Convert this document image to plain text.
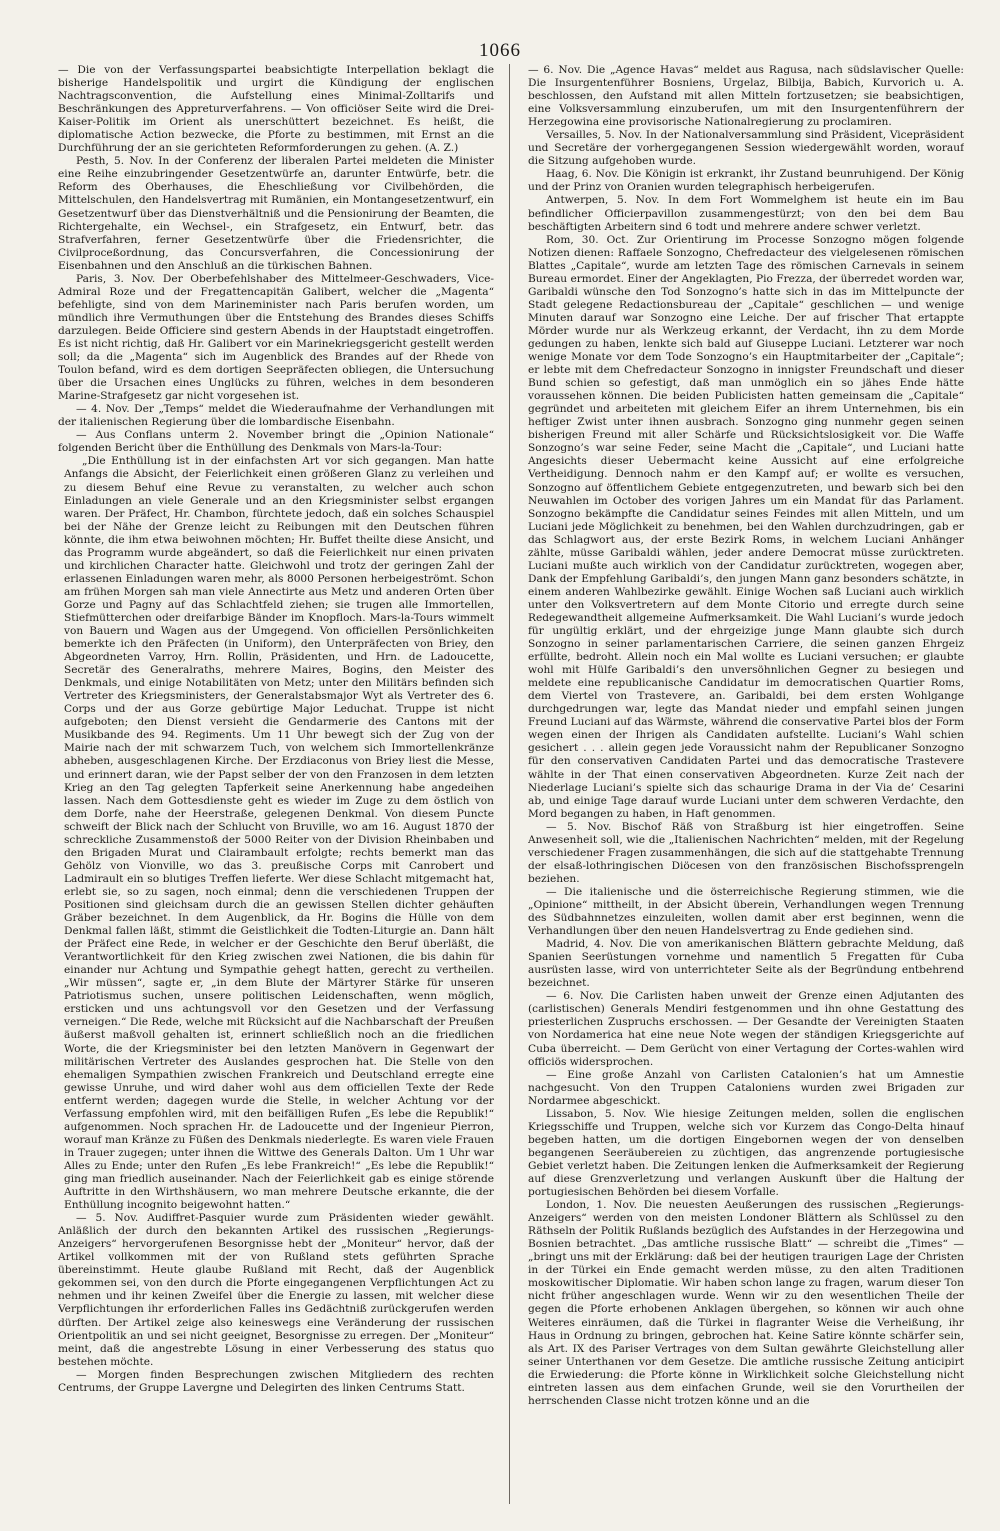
1066

— Die von der Verfassungspartei beabsichtigte Interpellation beklagt die bisherige Handelspolitik und urgirt die Kündigung der englischen Nachtragsconvention, die Aufstellung eines Minimal-Zolltarifs und Beschränkungen des Appreturverfahrens. — Von officiöser Seite wird die Drei-Kaiser-Politik im Orient als unerschüttert bezeichnet. Es heißt, die diplomatische Action bezwecke, die Pforte zu bestimmen, mit Ernst an die Durchführung der an sie gerichteten Reformforderungen zu gehen. (A. Z.)

Pesth, 5. Nov. In der Conferenz der liberalen Partei meldeten die Minister eine Reihe einzubringender Gesetzentwürfe an, darunter Entwürfe, betr. die Reform des Oberhauses, die Eheschließung vor Civilbehörden, die Mittelschulen, den Handelsvertrag mit Rumänien, ein Montangesetzentwurf, ein Gesetzentwurf über das Dienstverhältniß und die Pensionirung der Beamten, die Richtergehalte, ein Wechsel-, ein Strafgesetz, ein Entwurf, betr. das Strafverfahren, ferner Gesetzentwürfe über die Friedensrichter, die Civilproceßordnung, das Concursverfahren, die Concessionirung der Eisenbahnen und den Anschluß an die türkischen Bahnen.

Paris, 3. Nov. Der Oberbefehlshaber des Mittelmeer-Geschwaders, Vice-Admiral Roze und der Fregattencapitän Galibert, welcher die „Magenta“ befehligte, sind von dem Marineminister nach Paris berufen worden, um mündlich ihre Vermuthungen über die Entstehung des Brandes dieses Schiffs darzulegen. Beide Officiere sind gestern Abends in der Hauptstadt eingetroffen. Es ist nicht richtig, daß Hr. Galibert vor ein Marinekriegsgericht gestellt werden soll; da die „Magenta“ sich im Augenblick des Brandes auf der Rhede von Toulon befand, wird es dem dortigen Seepräfecten obliegen, die Untersuchung über die Ursachen eines Unglücks zu führen, welches in dem besonderen Marine-Strafgesetz gar nicht vorgesehen ist.

— 4. Nov. Der „Temps“ meldet die Wiederaufnahme der Verhandlungen mit der italienischen Regierung über die lombardische Eisenbahn.

— Aus Conflans unterm 2. November bringt die „Opinion Nationale“ folgenden Bericht über die Enthüllung des Denkmals von Mars-la-Tour:

„Die Enthüllung ist in der einfachsten Art vor sich gegangen. Man hatte Anfangs die Absicht, der Feierlichkeit einen größeren Glanz zu verleihen und zu diesem Behuf eine Revue zu veranstalten, zu welcher auch schon Einladungen an viele Generale und an den Kriegsminister selbst ergangen waren. Der Präfect, Hr. Chambon, fürchtete jedoch, daß ein solches Schauspiel bei der Nähe der Grenze leicht zu Reibungen mit den Deutschen führen könnte, die ihm etwa beiwohnen möchten; Hr. Buffet theilte diese Ansicht, und das Programm wurde abgeändert, so daß die Feierlichkeit nur einen privaten und kirchlichen Character hatte. Gleichwohl und trotz der geringen Zahl der erlassenen Einladungen waren mehr, als 8000 Personen herbeigeströmt. Schon am frühen Morgen sah man viele Annectirte aus Metz und anderen Orten über Gorze und Pagny auf das Schlachtfeld ziehen; sie trugen alle Immortellen, Stiefmütterchen oder dreifarbige Bänder im Knopfloch. Mars-la-Tours wimmelt von Bauern und Wagen aus der Umgegend. Von officiellen Persönlichkeiten bemerkte ich den Präfecten (in Uniform), den Unterpräfecten von Briey, den Abgeordneten Varroy, Hrn. Rollin, Präsidenten, und Hrn. de Ladoucette, Secretär des Generalraths, mehrere Maires, Bogins, den Meister des Denkmals, und einige Notabilitäten von Metz; unter den Militärs befinden sich Vertreter des Kriegsministers, der Generalstabsmajor Wyt als Vertreter des 6. Corps und der aus Gorze gebürtige Major Leduchat. Truppe ist nicht aufgeboten; den Dienst versieht die Gendarmerie des Cantons mit der Musikbande des 94. Regiments. Um 11 Uhr bewegt sich der Zug von der Mairie nach der mit schwarzem Tuch, von welchem sich Immortellenkränze abheben, ausgeschlagenen Kirche. Der Erzdiaconus von Briey liest die Messe, und erinnert daran, wie der Papst selber der von den Franzosen in dem letzten Krieg an den Tag gelegten Tapferkeit seine Anerkennung habe angedeihen lassen. Nach dem Gottesdienste geht es wieder im Zuge zu dem östlich von dem Dorfe, nahe der Heerstraße, gelegenen Denkmal. Von diesem Puncte schweift der Blick nach der Schlucht von Bruville, wo am 16. August 1870 der schreckliche Zusammenstoß der 5000 Reiter von der Division Rheinbaben und den Brigaden Murat und Clairambault erfolgte; rechts bemerkt man das Gehölz von Vionville, wo das 3. preußische Corps mit Canrobert und Ladmirault ein so blutiges Treffen lieferte. Wer diese Schlacht mitgemacht hat, erlebt sie, so zu sagen, noch einmal; denn die verschiedenen Truppen der Positionen sind gleichsam durch die an gewissen Stellen dichter gehäuften Gräber bezeichnet. In dem Augenblick, da Hr. Bogins die Hülle von dem Denkmal fallen läßt, stimmt die Geistlichkeit die Todten-Liturgie an. Dann hält der Präfect eine Rede, in welcher er der Geschichte den Beruf überläßt, die Verantwortlichkeit für den Krieg zwischen zwei Nationen, die bis dahin für einander nur Achtung und Sympathie gehegt hatten, gerecht zu vertheilen. „Wir müssen“, sagte er, „in dem Blute der Märtyrer Stärke für unseren Patriotismus suchen, unsere politischen Leidenschaften, wenn möglich, ersticken und uns achtungsvoll vor den Gesetzen und der Verfassung verneigen.“ Die Rede, welche mit Rücksicht auf die Nachbarschaft der Preußen äußerst maßvoll gehalten ist, erinnert schließlich noch an die friedlichen Worte, die der Kriegsminister bei den letzten Manövern in Gegenwart der militärischen Vertreter des Auslandes gesprochen hat. Die Stelle von den ehemaligen Sympathien zwischen Frankreich und Deutschland erregte eine gewisse Unruhe, und wird daher wohl aus dem officiellen Texte der Rede entfernt werden; dagegen wurde die Stelle, in welcher Achtung vor der Verfassung empfohlen wird, mit den beifälligen Rufen „Es lebe die Republik!“ aufgenommen. Noch sprachen Hr. de Ladoucette und der Ingenieur Pierron, worauf man Kränze zu Füßen des Denkmals niederlegte. Es waren viele Frauen in Trauer zugegen; unter ihnen die Wittwe des Generals Dalton. Um 1 Uhr war Alles zu Ende; unter den Rufen „Es lebe Frankreich!“ „Es lebe die Republik!“ ging man friedlich auseinander. Nach der Feierlichkeit gab es einige störende Auftritte in den Wirthshäusern, wo man mehrere Deutsche erkannte, die der Enthüllung incognito beigewohnt hatten.“

— 5. Nov. Audiffret-Pasquier wurde zum Präsidenten wieder gewählt. Anläßlich der durch den bekannten Artikel des russischen „Regierungs-Anzeigers“ hervorgerufenen Besorgnisse hebt der „Moniteur“ hervor, daß der Artikel vollkommen mit der von Rußland stets geführten Sprache übereinstimmt. Heute glaube Rußland mit Recht, daß der Augenblick gekommen sei, von den durch die Pforte eingegangenen Verpflichtungen Act zu nehmen und ihr keinen Zweifel über die Energie zu lassen, mit welcher diese Verpflichtungen ihr erforderlichen Falles ins Gedächtniß zurückgerufen werden dürften. Der Artikel zeige also keineswegs eine Veränderung der russischen Orientpolitik an und sei nicht geeignet, Besorgnisse zu erregen. Der „Moniteur“ meint, daß die angestrebte Lösung in einer Verbesserung des status quo bestehen möchte.

— Morgen finden Besprechungen zwischen Mitgliedern des rechten Centrums, der Gruppe Lavergne und Delegirten des linken Centrums Statt.

— 6. Nov. Die „Agence Havas“ meldet aus Ragusa, nach südslavischer Quelle: Die Insurgentenführer Bosniens, Urgelaz, Bilbija, Babich, Kurvorich u. A. beschlossen, den Aufstand mit allen Mitteln fortzusetzen; sie beabsichtigen, eine Volksversammlung einzuberufen, um mit den Insurgentenführern der Herzegowina eine provisorische Nationalregierung zu proclamiren.

Versailles, 5. Nov. In der Nationalversammlung sind Präsident, Vicepräsident und Secretäre der vorhergegangenen Session wiedergewählt worden, worauf die Sitzung aufgehoben wurde.

Haag, 6. Nov. Die Königin ist erkrankt, ihr Zustand beunruhigend. Der König und der Prinz von Oranien wurden telegraphisch herbeigerufen.

Antwerpen, 5. Nov. In dem Fort Wommelghem ist heute ein im Bau befindlicher Officierpavillon zusammengestürzt; von den bei dem Bau beschäftigten Arbeitern sind 6 todt und mehrere andere schwer verletzt.

Rom, 30. Oct. Zur Orientirung im Processe Sonzogno mögen folgende Notizen dienen: Raffaele Sonzogno, Chefredacteur des vielgelesenen römischen Blattes „Capitale“, wurde am letzten Tage des römischen Carnevals in seinem Bureau ermordet. Einer der Angeklagten, Pio Frezza, der überredet worden war, Garibaldi wünsche den Tod Sonzogno’s hatte sich in das im Mittelpuncte der Stadt gelegene Redactionsbureau der „Capitale“ geschlichen — und wenige Minuten darauf war Sonzogno eine Leiche. Der auf frischer That ertappte Mörder wurde nur als Werkzeug erkannt, der Verdacht, ihn zu dem Morde gedungen zu haben, lenkte sich bald auf Giuseppe Luciani. Letzterer war noch wenige Monate vor dem Tode Sonzogno’s ein Hauptmitarbeiter der „Capitale“; er lebte mit dem Chefredacteur Sonzogno in innigster Freundschaft und dieser Bund schien so gefestigt, daß man unmöglich ein so jähes Ende hätte voraussehen können. Die beiden Publicisten hatten gemeinsam die „Capitale“ gegründet und arbeiteten mit gleichem Eifer an ihrem Unternehmen, bis ein heftiger Zwist unter ihnen ausbrach. Sonzogno ging nunmehr gegen seinen bisherigen Freund mit aller Schärfe und Rücksichtslosigkeit vor. Die Waffe Sonzogno’s war seine Feder, seine Macht die „Capitale“, und Luciani hatte Angesichts dieser Uebermacht keine Aussicht auf eine erfolgreiche Vertheidigung. Dennoch nahm er den Kampf auf; er wollte es versuchen, Sonzogno auf öffentlichem Gebiete entgegenzutreten, und bewarb sich bei den Neuwahlen im October des vorigen Jahres um ein Mandat für das Parlament. Sonzogno bekämpfte die Candidatur seines Feindes mit allen Mitteln, und um Luciani jede Möglichkeit zu benehmen, bei den Wahlen durchzudringen, gab er das Schlagwort aus, der erste Bezirk Roms, in welchem Luciani Anhänger zählte, müsse Garibaldi wählen, jeder andere Democrat müsse zurücktreten. Luciani mußte auch wirklich von der Candidatur zurücktreten, wogegen aber, Dank der Empfehlung Garibaldi’s, den jungen Mann ganz besonders schätzte, in einem anderen Wahlbezirke gewählt. Einige Wochen saß Luciani auch wirklich unter den Volksvertretern auf dem Monte Citorio und erregte durch seine Redegewandtheit allgemeine Aufmerksamkeit. Die Wahl Luciani’s wurde jedoch für ungültig erklärt, und der ehrgeizige junge Mann glaubte sich durch Sonzogno in seiner parlamentarischen Carriere, die seinen ganzen Ehrgeiz erfüllte, bedroht. Allein noch ein Mal wollte es Luciani versuchen; er glaubte wohl mit Hülfe Garibaldi’s den unversöhnlichen Gegner zu besiegen und meldete eine republicanische Candidatur im democratischen Quartier Roms, dem Viertel von Trastevere, an. Garibaldi, bei dem ersten Wohlgange durchgedrungen war, legte das Mandat nieder und empfahl seinen jungen Freund Luciani auf das Wärmste, während die conservative Partei blos der Form wegen einen der Ihrigen als Candidaten aufstellte. Luciani’s Wahl schien gesichert . . . allein gegen jede Voraussicht nahm der Republicaner Sonzogno für den conservativen Candidaten Partei und das democratische Trastevere wählte in der That einen conservativen Abgeordneten. Kurze Zeit nach der Niederlage Luciani’s spielte sich das schaurige Drama in der Via de’ Cesarini ab, und einige Tage darauf wurde Luciani unter dem schweren Verdachte, den Mord begangen zu haben, in Haft genommen.

— 5. Nov. Bischof Räß von Straßburg ist hier eingetroffen. Seine Anwesenheit soll, wie die „Italienischen Nachrichten“ melden, mit der Regelung verschiedener Fragen zusammenhängen, die sich auf die stattgehabte Trennung der elsaß-lothringischen Diöcesen von den französischen Bischofssprengeln beziehen.

— Die italienische und die österreichische Regierung stimmen, wie die „Opinione“ mittheilt, in der Absicht überein, Verhandlungen wegen Trennung des Südbahnnetzes einzuleiten, wollen damit aber erst beginnen, wenn die Verhandlungen über den neuen Handelsvertrag zu Ende gediehen sind.

Madrid, 4. Nov. Die von amerikanischen Blättern gebrachte Meldung, daß Spanien Seerüstungen vornehme und namentlich 5 Fregatten für Cuba ausrüsten lasse, wird von unterrichteter Seite als der Begründung entbehrend bezeichnet.

— 6. Nov. Die Carlisten haben unweit der Grenze einen Adjutanten des (carlistischen) Generals Mendiri festgenommen und ihn ohne Gestattung des priesterlichen Zuspruchs erschossen. — Der Gesandte der Vereinigten Staaten von Nordamerica hat eine neue Note wegen der ständigen Kriegsgerichte auf Cuba überreicht. — Dem Gerücht von einer Vertagung der Cortes-wahlen wird officiös widersprochen.

— Eine große Anzahl von Carlisten Catalonien’s hat um Amnestie nachgesucht. Von den Truppen Cataloniens wurden zwei Brigaden zur Nordarmee abgeschickt.

Lissabon, 5. Nov. Wie hiesige Zeitungen melden, sollen die englischen Kriegsschiffe und Truppen, welche sich vor Kurzem das Congo-Delta hinauf begeben hatten, um die dortigen Eingebornen wegen der von denselben begangenen Seeräubereien zu züchtigen, das angrenzende portugiesische Gebiet verletzt haben. Die Zeitungen lenken die Aufmerksamkeit der Regierung auf diese Grenzverletzung und verlangen Auskunft über die Haltung der portugiesischen Behörden bei diesem Vorfalle.

London, 1. Nov. Die neuesten Aeußerungen des russischen „Regierungs-Anzeigers“ werden von den meisten Londoner Blättern als Schlüssel zu den Räthseln der Politik Rußlands bezüglich des Aufstandes in der Herzegowina und Bosnien betrachtet. „Das amtliche russische Blatt“ — schreibt die „Times“ — „bringt uns mit der Erklärung: daß bei der heutigen traurigen Lage der Christen in der Türkei ein Ende gemacht werden müsse, zu den alten Traditionen moskowitischer Diplomatie. Wir haben schon lange zu fragen, warum dieser Ton nicht früher angeschlagen wurde. Wenn wir zu den wesentlichen Theile der gegen die Pforte erhobenen Anklagen übergehen, so können wir auch ohne Weiteres einräumen, daß die Türkei in flagranter Weise die Verheißung, ihr Haus in Ordnung zu bringen, gebrochen hat. Keine Satire könnte schärfer sein, als Art. IX des Pariser Vertrages von dem Sultan gewährte Gleichstellung aller seiner Unterthanen vor dem Gesetze. Die amtliche russische Zeitung anticipirt die Erwiederung: die Pforte könne in Wirklichkeit solche Gleichstellung nicht eintreten lassen aus dem einfachen Grunde, weil sie den Vorurtheilen der herrschenden Classe nicht trotzen könne und an die
